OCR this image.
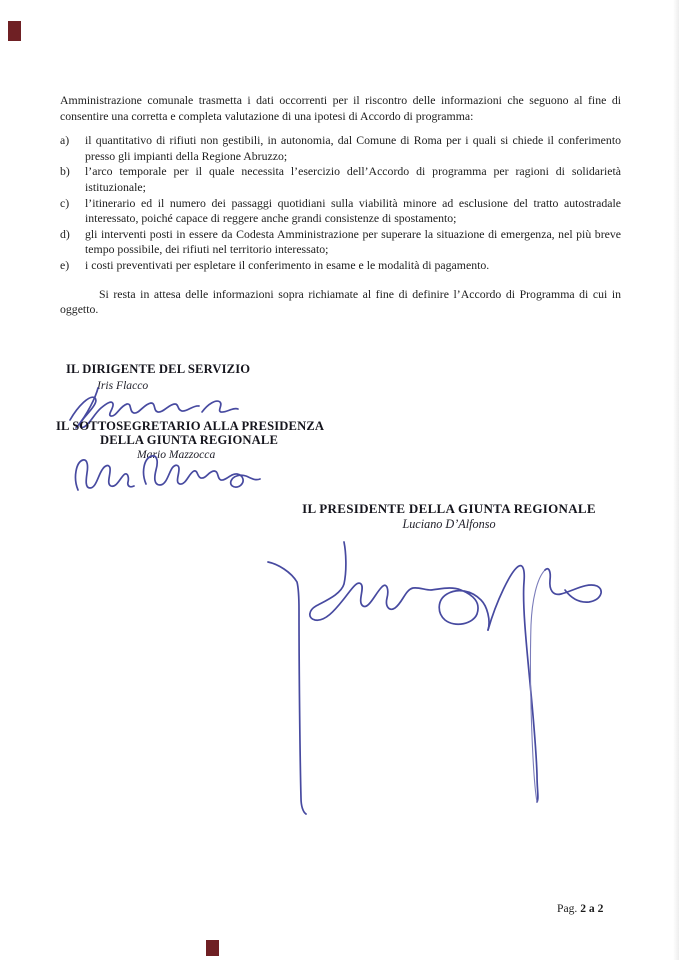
Amministrazione comunale trasmetta i dati occorrenti per il riscontro delle informazioni che seguono al fine di consentire una corretta e completa valutazione di una ipotesi di Accordo di programma:

a)	il quantitativo di rifiuti non gestibili, in autonomia, dal Comune di Roma per i quali si chiede il conferimento presso gli impianti della Regione Abruzzo;
b)	l’arco temporale per il quale necessita l’esercizio dell’Accordo di programma per ragioni di solidarietà istituzionale;
c)	l’itinerario ed il numero dei passaggi quotidiani sulla viabilità minore ad esclusione del tratto autostradale interessato, poiché capace di reggere anche grandi consistenze di spostamento;
d)	gli interventi posti in essere da Codesta Amministrazione per superare la situazione di emergenza, nel più breve tempo possibile, dei rifiuti nel territorio interessato;
e)	i costi preventivati per espletare il conferimento in esame e le modalità di pagamento.

Si resta in attesa delle informazioni sopra richiamate al fine di definire l’Accordo di Programma di cui in oggetto.

IL DIRIGENTE DEL SERVIZIO
Iris Flacco
IL SOTTOSEGRETARIO ALLA PRESIDENZA
DELLA GIUNTA REGIONALE
Mario Mazzocca
IL PRESIDENTE DELLA GIUNTA REGIONALE
Luciano D’Alfonso
Pag. 2 a 2
